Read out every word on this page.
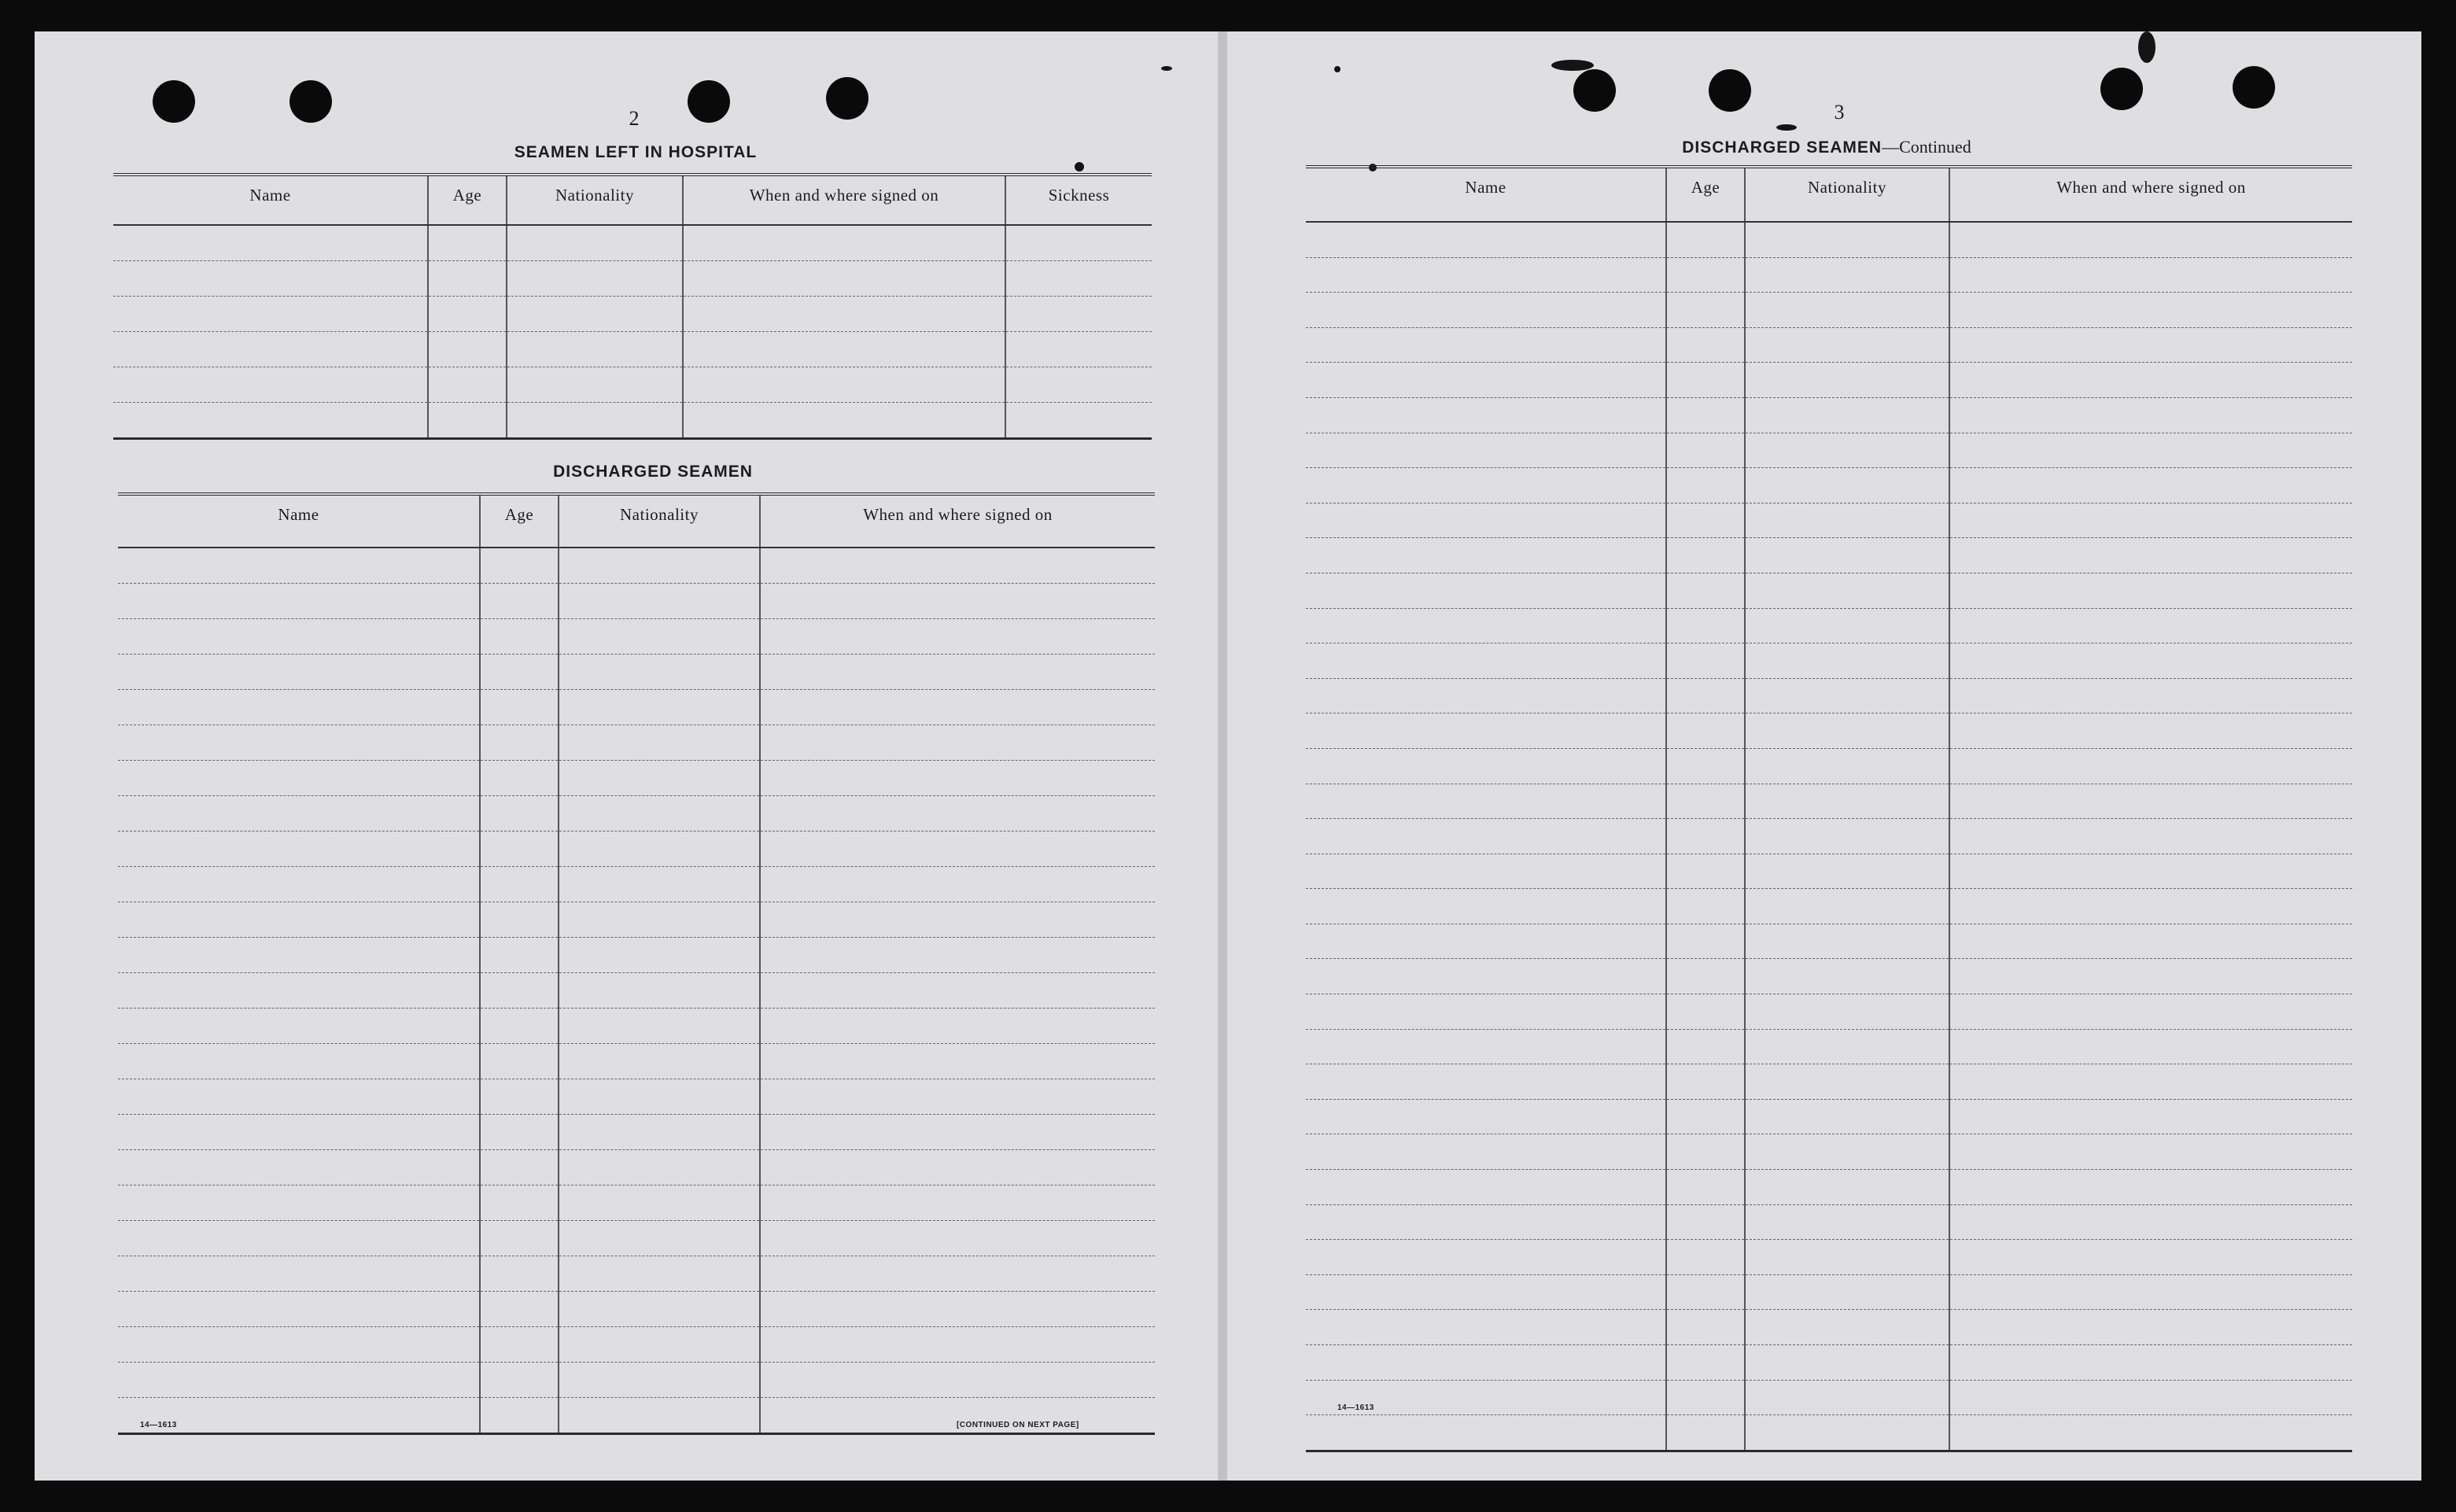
2
SEAMEN LEFT IN HOSPITAL
Name	Age	Nationality	When and where signed on	Sickness

DISCHARGED SEAMEN
Name	Age	Nationality	When and where signed on

14—1613	[CONTINUED ON NEXT PAGE]
3
DISCHARGED SEAMEN—Continued
Name	Age	Nationality	When and where signed on

14—1613
